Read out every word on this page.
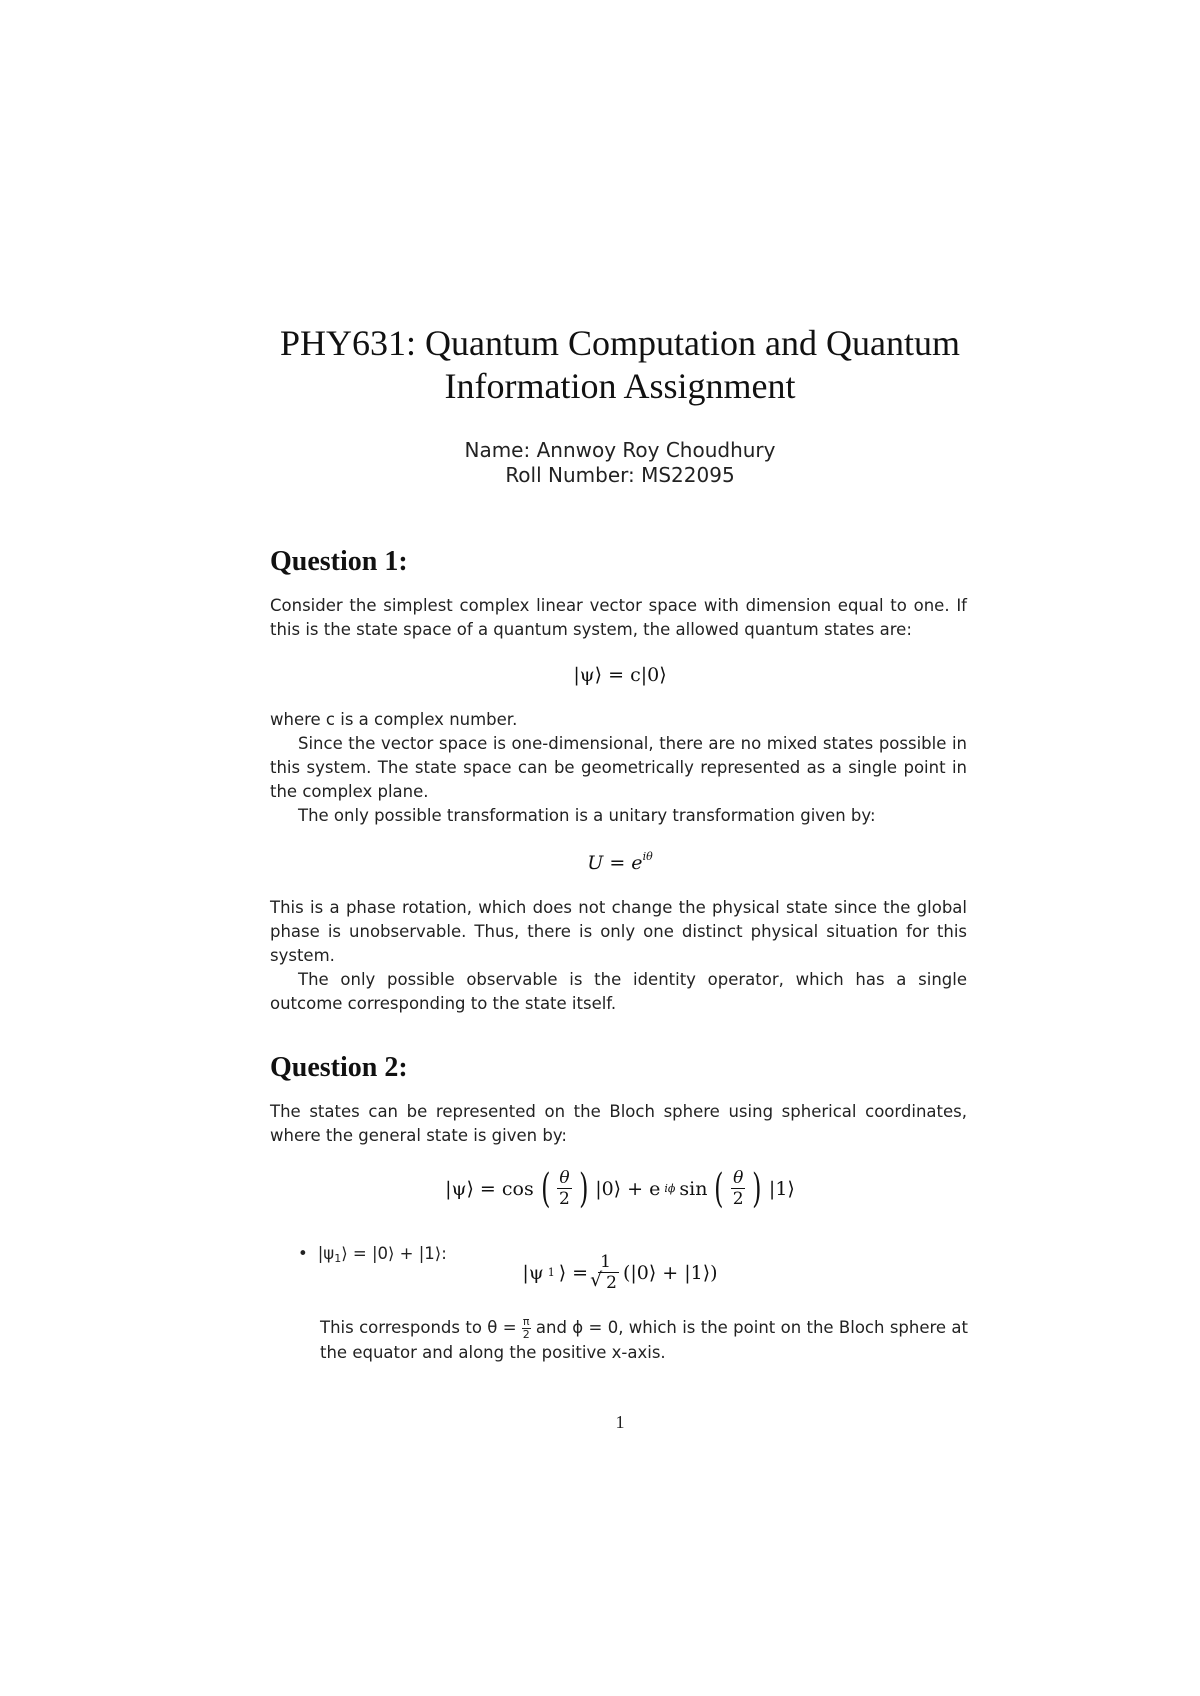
PHY631: Quantum Computation and Quantum
Information Assignment
Name: Annwoy Roy Choudhury
Roll Number: MS22095
Question 1:
Consider the simplest complex linear vector space with dimension equal to one. If this is the state space of a quantum system, the allowed quantum states are:
|ψ⟩ = c|0⟩
where c is a complex number.
Since the vector space is one-dimensional, there are no mixed states possible in this system. The state space can be geometrically represented as a single point in the complex plane.
The only possible transformation is a unitary transformation given by:
$U = e^{i\theta}$
This is a phase rotation, which does not change the physical state since the global phase is unobservable. Thus, there is only one distinct physical situation for this system.
The only possible observable is the identity operator, which has a single outcome corresponding to the state itself.
Question 2:
The states can be represented on the Bloch sphere using spherical coordinates, where the general state is given by:
|ψ⟩ = cos ( $\frac{\theta}{2}$ ) |0⟩ + e iϕ sin ( $\frac{\theta}{2}$ ) |1⟩
• $|\psi_1⟩$ = |0⟩ + |1⟩:
|ψ 1 ⟩ = 1
√ 2 (|0⟩ + |1⟩)
This corresponds to $\theta = \frac{\pi}{2}$ and ϕ = 0, which is the point on the Bloch sphere at the equator and along the positive x-axis.
1
